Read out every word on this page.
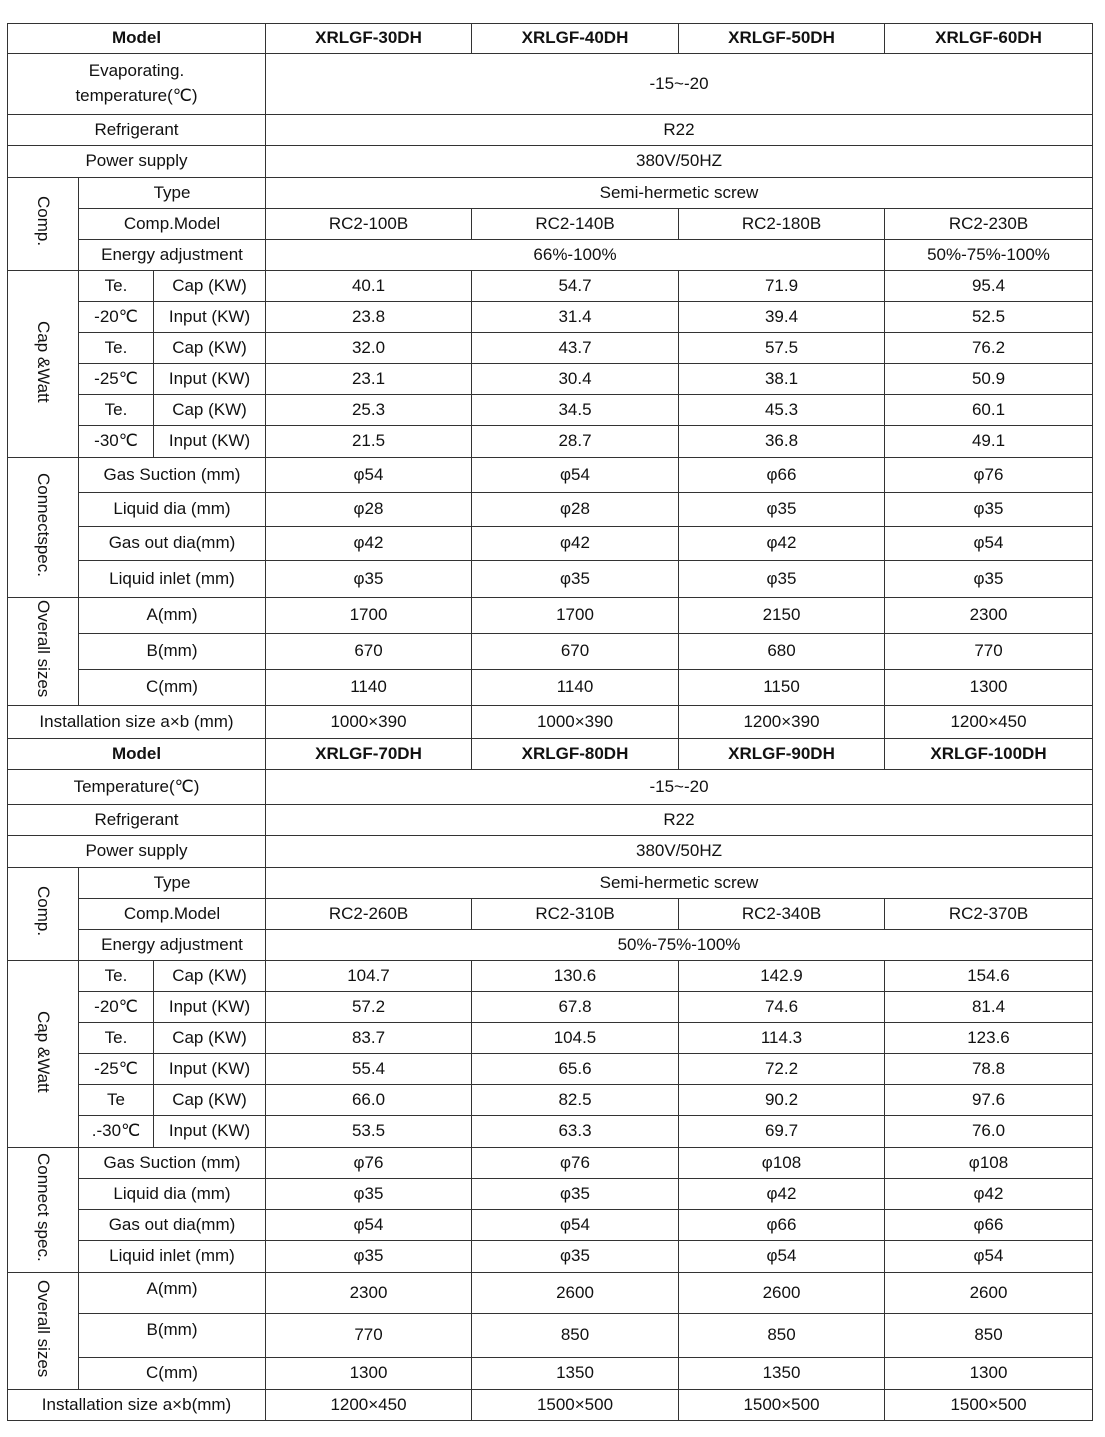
Model			XRLGF-30DH	XRLGF-40DH	XRLGF-50DH	XRLGF-60DH
Evaporating. temperature(℃)			-15~-20			
Refrigerant			R22			
Power supply			380V/50HZ			
Comp.	Type		Semi-hermetic screw			
	Comp.Model		RC2-100B	RC2-140B	RC2-180B	RC2-230B
	Energy adjustment		66%-100%			50%-75%-100%
Cap &Watt	Te.	Cap (KW)	40.1	54.7	71.9	95.4
	-20℃	Input (KW)	23.8	31.4	39.4	52.5
	Te.	Cap (KW)	32.0	43.7	57.5	76.2
	-25℃	Input (KW)	23.1	30.4	38.1	50.9
	Te.	Cap (KW)	25.3	34.5	45.3	60.1
	-30℃	Input (KW)	21.5	28.7	36.8	49.1
Connectspec.	Gas Suction (mm)		φ54	φ54	φ66	φ76
	Liquid dia (mm)		φ28	φ28	φ35	φ35
	Gas out dia(mm)		φ42	φ42	φ42	φ54
	Liquid inlet (mm)		φ35	φ35	φ35	φ35
Overall sizes	A(mm)		1700	1700	2150	2300
	B(mm)		670	670	680	770
	C(mm)		1140	1140	1150	1300
Installation size a×b (mm)			1000×390	1000×390	1200×390	1200×450
Model			XRLGF-70DH	XRLGF-80DH	XRLGF-90DH	XRLGF-100DH
Temperature(℃)			-15~-20			
Refrigerant			R22			
Power supply			380V/50HZ			
Comp.	Type		Semi-hermetic screw			
	Comp.Model		RC2-260B	RC2-310B	RC2-340B	RC2-370B
	Energy adjustment		50%-75%-100%			
Cap &Watt	Te.	Cap (KW)	104.7	130.6	142.9	154.6
	-20℃	Input (KW)	57.2	67.8	74.6	81.4
	Te.	Cap (KW)	83.7	104.5	114.3	123.6
	-25℃	Input (KW)	55.4	65.6	72.2	78.8
	Te	Cap (KW)	66.0	82.5	90.2	97.6
	.-30℃	Input (KW)	53.5	63.3	69.7	76.0
Connect spec.	Gas Suction (mm)		φ76	φ76	φ108	φ108
	Liquid dia (mm)		φ35	φ35	φ42	φ42
	Gas out dia(mm)		φ54	φ54	φ66	φ66
	Liquid inlet (mm)		φ35	φ35	φ54	φ54
Overall sizes	A(mm)		2300	2600	2600	2600
	B(mm)		770	850	850	850
	C(mm)		1300	1350	1350	1300
Installation size a×b(mm)			1200×450	1500×500	1500×500	1500×500
